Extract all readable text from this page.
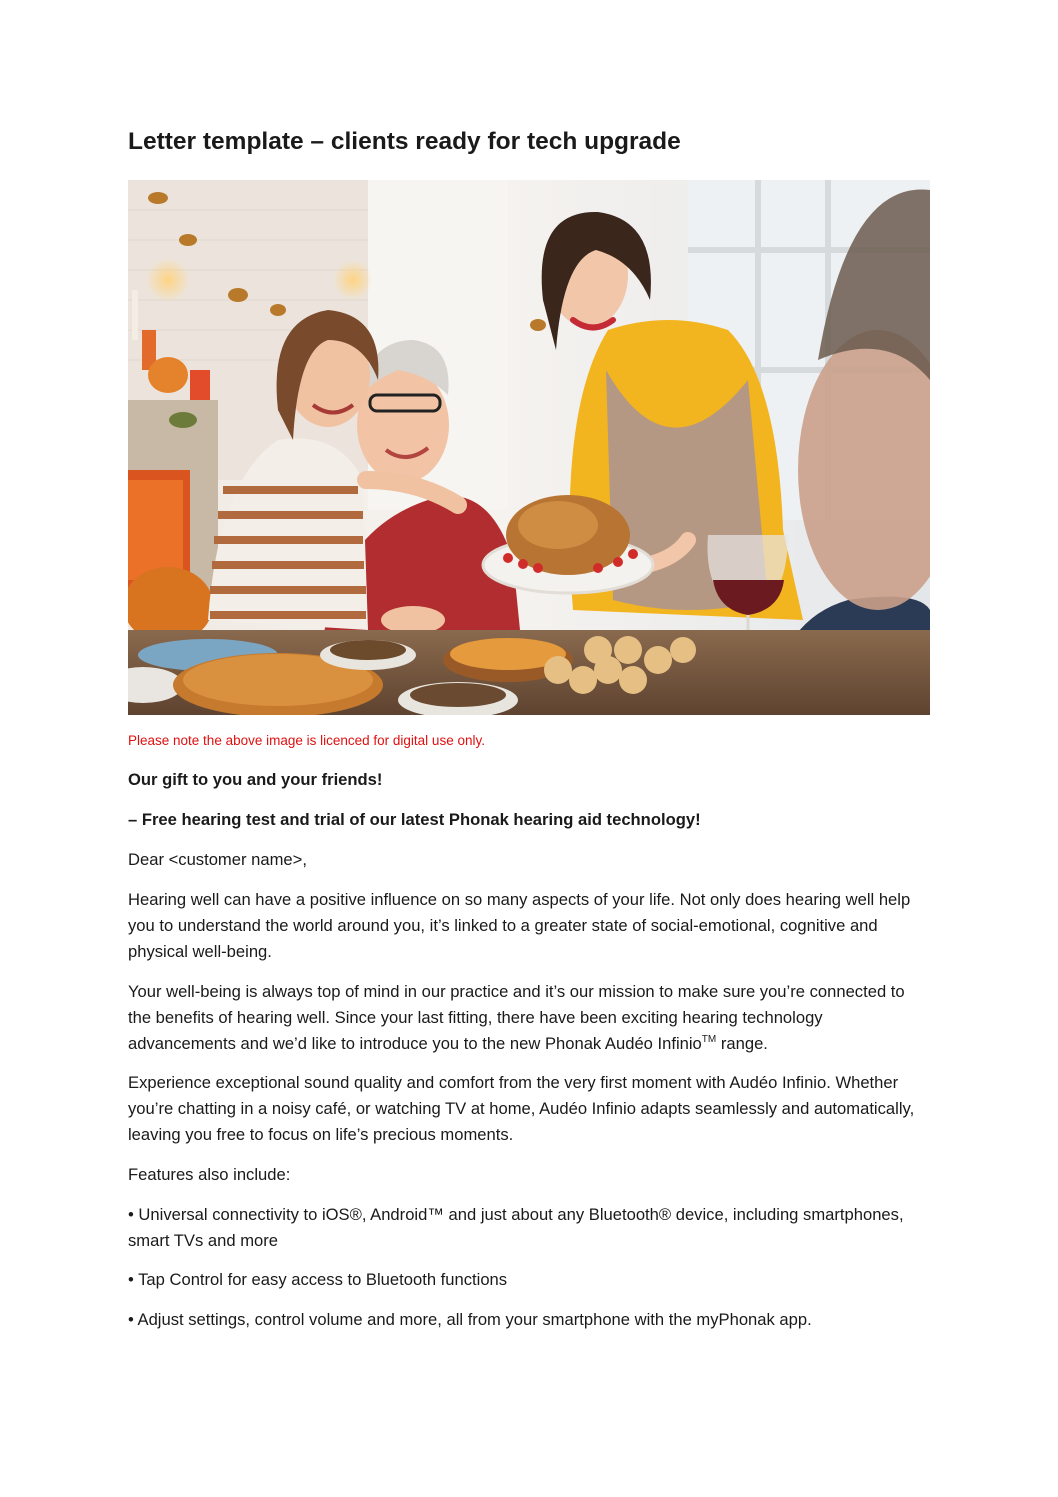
Letter template – clients ready for tech upgrade
Please note the above image is licenced for digital use only.
Our gift to you and your friends!
– Free hearing test and trial of our latest Phonak hearing aid technology!
Dear <customer name>,
Hearing well can have a positive influence on so many aspects of your life. Not only does hearing well help you to understand the world around you, it’s linked to a greater state of social-emotional, cognitive and physical well-being.
Your well-being is always top of mind in our practice and it’s our mission to make sure you’re connected to the benefits of hearing well. Since your last fitting, there have been exciting hearing technology advancements and we’d like to introduce you to the new Phonak Audéo Infinio™ range.
Experience exceptional sound quality and comfort from the very first moment with Audéo Infinio. Whether you’re chatting in a noisy café, or watching TV at home, Audéo Infinio adapts seamlessly and automatically, leaving you free to focus on life’s precious moments.
Features also include:
• Universal connectivity to iOS®, Android™ and just about any Bluetooth® device, including smartphones, smart TVs and more
• Tap Control for easy access to Bluetooth functions
• Adjust settings, control volume and more, all from your smartphone with the myPhonak app.
